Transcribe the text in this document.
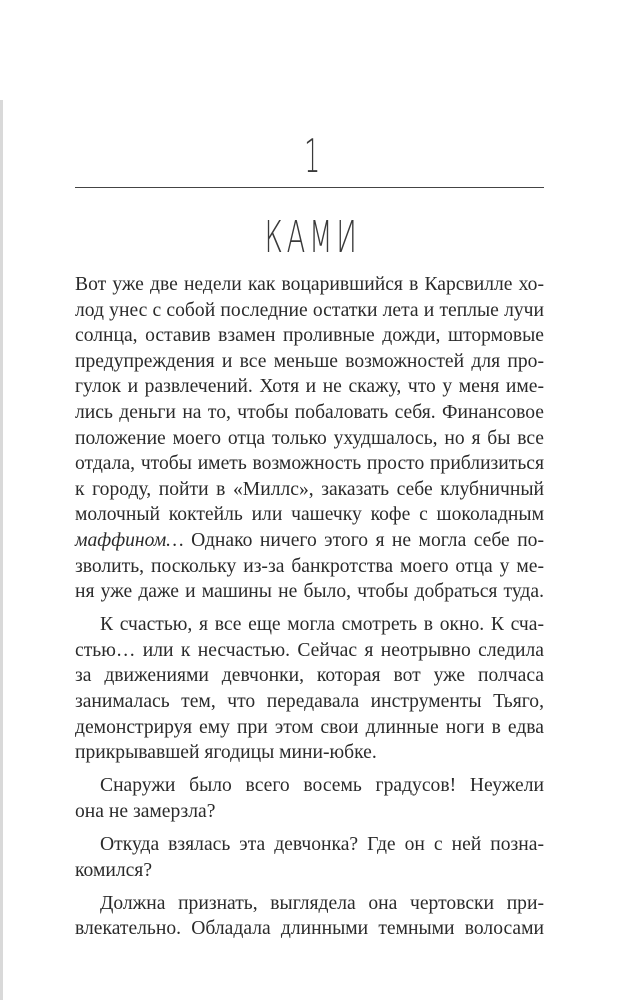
1
КАМИ
Вот уже две недели как воцарившийся в Карсвилле хо-
лод унес с собой последние остатки лета и теплые лучи
солнца, оставив взамен проливные дожди, штормовые
предупреждения и все меньше возможностей для про-
гулок и развлечений. Хотя и не скажу, что у меня име-
лись деньги на то, чтобы побаловать себя. Финансовое
положение моего отца только ухудшалось, но я бы все
отдала, чтобы иметь возможность просто приблизиться
к городу, пойти в «Миллс», заказать себе клубничный
молочный коктейль или чашечку кофе с шоколадным
маффином… Однако ничего этого я не могла себе по-
зволить, поскольку из-за банкротства моего отца у ме-
ня уже даже и машины не было, чтобы добраться туда.
К счастью, я все еще могла смотреть в окно. К сча-
стью… или к несчастью. Сейчас я неотрывно следила
за движениями девчонки, которая вот уже полчаса
занималась тем, что передавала инструменты Тьяго,
демонстрируя ему при этом свои длинные ноги в едва
прикрывавшей ягодицы мини-юбке.
Снаружи было всего восемь градусов! Неужели
она не замерзла?
Откуда взялась эта девчонка? Где он с ней позна-
комился?
Должна признать, выглядела она чертовски при-
влекательно. Обладала длинными темными волосами
